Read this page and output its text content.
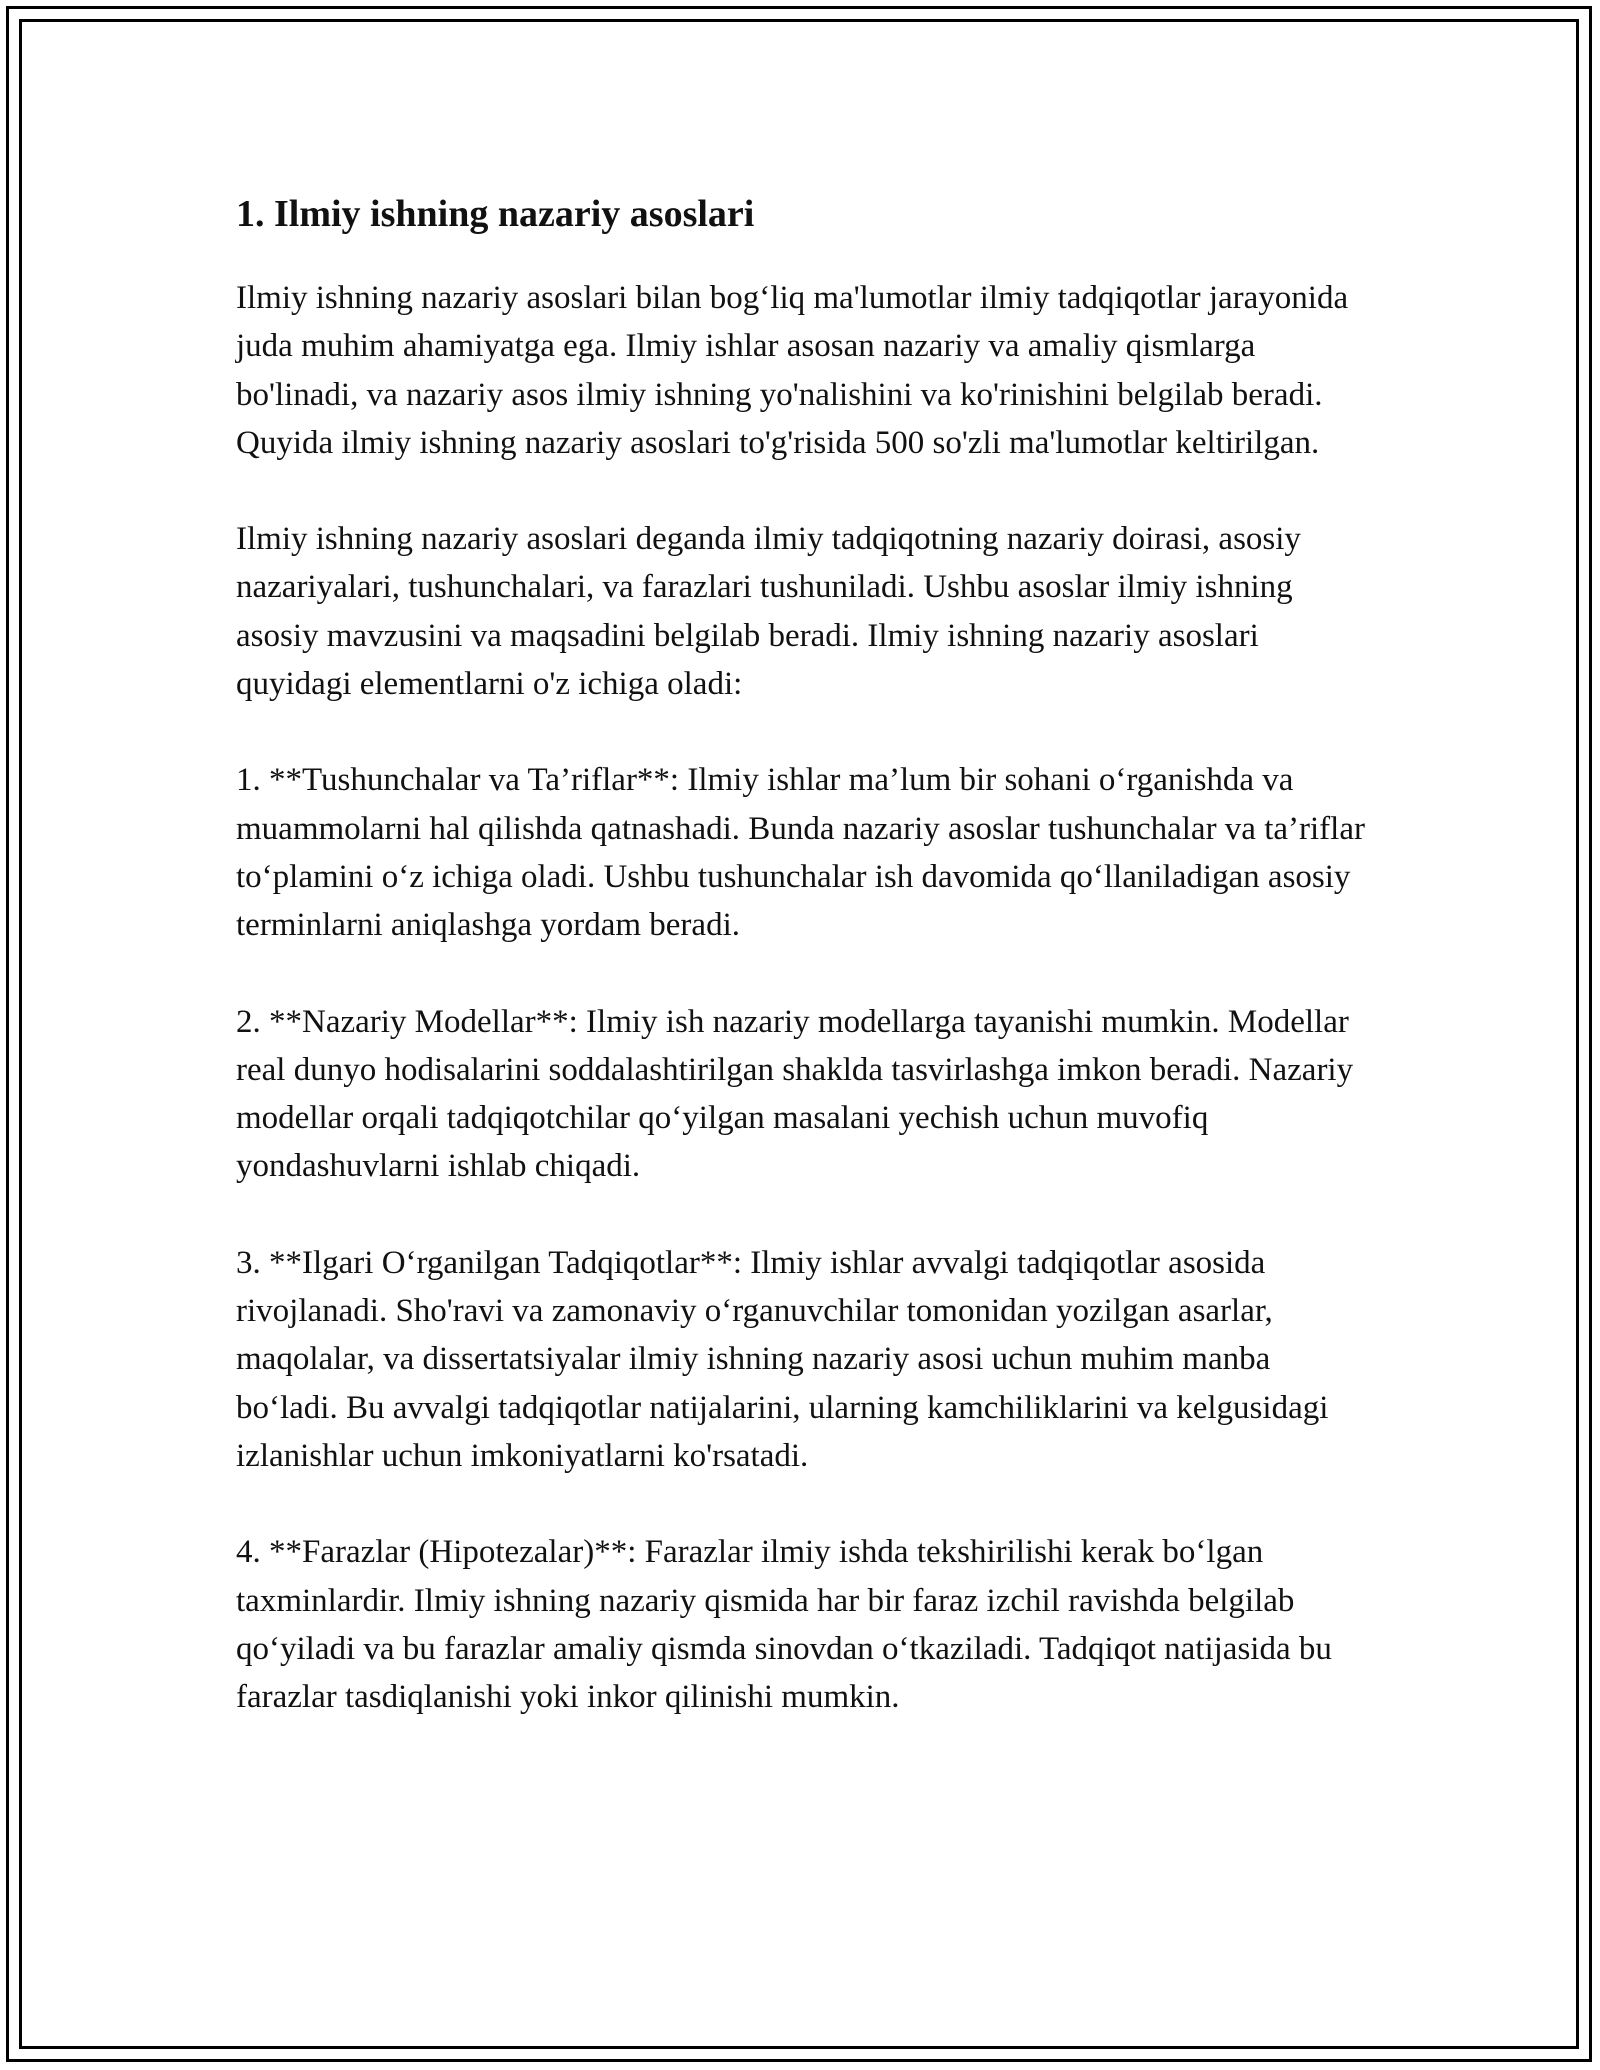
1. Ilmiy ishning nazariy asoslari

Ilmiy ishning nazariy asoslari bilan bog‘liq ma'lumotlar ilmiy tadqiqotlar jarayonida juda muhim ahamiyatga ega. Ilmiy ishlar asosan nazariy va amaliy qismlarga bo'linadi, va nazariy asos ilmiy ishning yo'nalishini va ko'rinishini belgilab beradi. Quyida ilmiy ishning nazariy asoslari to'g'risida 500 so'zli ma'lumotlar keltirilgan.

Ilmiy ishning nazariy asoslari deganda ilmiy tadqiqotning nazariy doirasi, asosiy nazariyalari, tushunchalari, va farazlari tushuniladi. Ushbu asoslar ilmiy ishning asosiy mavzusini va maqsadini belgilab beradi. Ilmiy ishning nazariy asoslari quyidagi elementlarni o'z ichiga oladi:

1. **Tushunchalar va Ta’riflar**: Ilmiy ishlar ma’lum bir sohani o‘rganishda va muammolarni hal qilishda qatnashadi. Bunda nazariy asoslar tushunchalar va ta’riflar to‘plamini o‘z ichiga oladi. Ushbu tushunchalar ish davomida qo‘llaniladigan asosiy terminlarni aniqlashga yordam beradi.

2. **Nazariy Modellar**: Ilmiy ish nazariy modellarga tayanishi mumkin. Modellar real dunyo hodisalarini soddalashtirilgan shaklda tasvirlashga imkon beradi. Nazariy modellar orqali tadqiqotchilar qo‘yilgan masalani yechish uchun muvofiq yondashuvlarni ishlab chiqadi.

3. **Ilgari O‘rganilgan Tadqiqotlar**: Ilmiy ishlar avvalgi tadqiqotlar asosida rivojlanadi. Sho'ravi va zamonaviy o‘rganuvchilar tomonidan yozilgan asarlar, maqolalar, va dissertatsiyalar ilmiy ishning nazariy asosi uchun muhim manba bo‘ladi. Bu avvalgi tadqiqotlar natijalarini, ularning kamchiliklarini va kelgusidagi izlanishlar uchun imkoniyatlarni ko'rsatadi.

4. **Farazlar (Hipotezalar)**: Farazlar ilmiy ishda tekshirilishi kerak bo‘lgan taxminlardir. Ilmiy ishning nazariy qismida har bir faraz izchil ravishda belgilab qo‘yiladi va bu farazlar amaliy qismda sinovdan o‘tkaziladi. Tadqiqot natijasida bu farazlar tasdiqlanishi yoki inkor qilinishi mumkin.
